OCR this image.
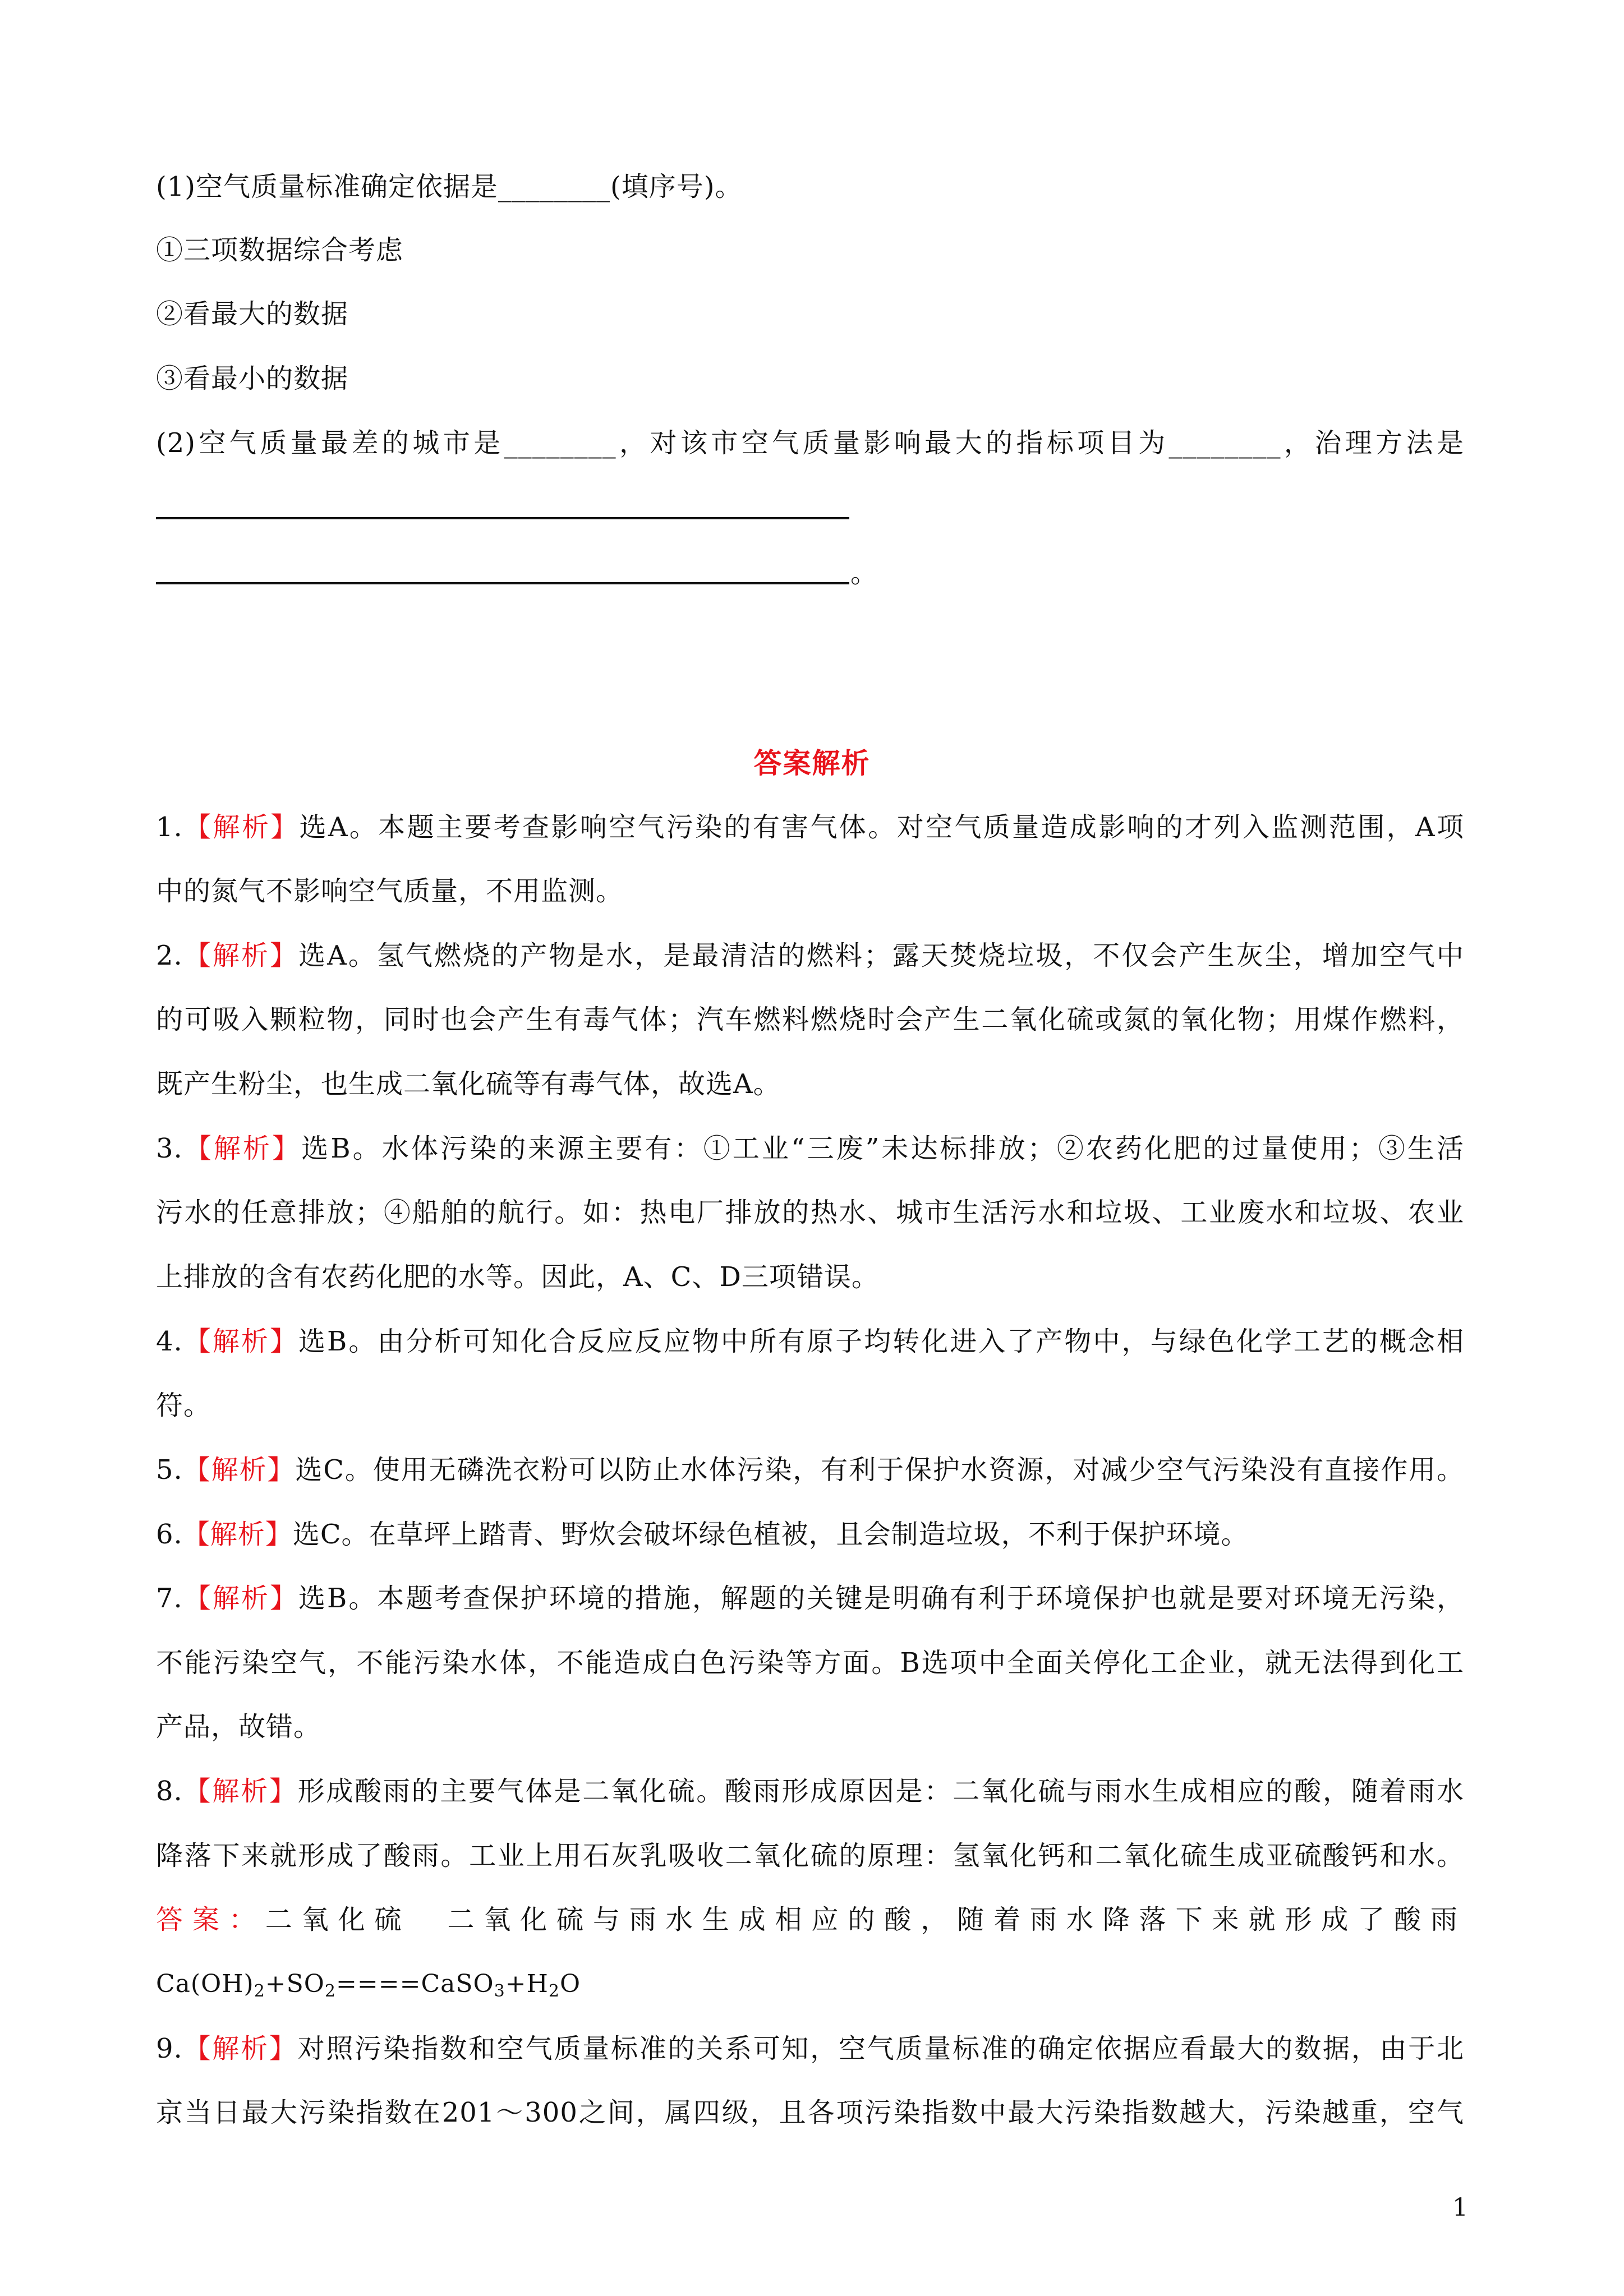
(1)空气质量标准确定依据是________(填序号)。
①三项数据综合考虑
②看最大的数据
③看最小的数据
(2)空气质量最差的城市是________，对该市空气质量影响最大的指标项目为________，治理方法是
。
答案解析
1.【解析】选A。本题主要考查影响空气污染的有害气体。对空气质量造成影响的才列入监测范围，A项
中的氮气不影响空气质量，不用监测。
2.【解析】选A。氢气燃烧的产物是水，是最清洁的燃料；露天焚烧垃圾，不仅会产生灰尘，增加空气中
的可吸入颗粒物，同时也会产生有毒气体；汽车燃料燃烧时会产生二氧化硫或氮的氧化物；用煤作燃料，
既产生粉尘，也生成二氧化硫等有毒气体，故选A。
3.【解析】选B。水体污染的来源主要有：①工业“三废”未达标排放；②农药化肥的过量使用；③生活
污水的任意排放；④船舶的航行。如：热电厂排放的热水、城市生活污水和垃圾、工业废水和垃圾、农业
上排放的含有农药化肥的水等。因此，A、C、D三项错误。
4.【解析】选B。由分析可知化合反应反应物中所有原子均转化进入了产物中，与绿色化学工艺的概念相
符。
5.【解析】选C。使用无磷洗衣粉可以防止水体污染，有利于保护水资源，对减少空气污染没有直接作用。
6.【解析】选C。在草坪上踏青、野炊会破坏绿色植被，且会制造垃圾，不利于保护环境。
7.【解析】选B。本题考查保护环境的措施，解题的关键是明确有利于环境保护也就是要对环境无污染，
不能污染空气，不能污染水体，不能造成白色污染等方面。B选项中全面关停化工企业，就无法得到化工
产品，故错。
8.【解析】形成酸雨的主要气体是二氧化硫。酸雨形成原因是：二氧化硫与雨水生成相应的酸，随着雨水
降落下来就形成了酸雨。工业上用石灰乳吸收二氧化硫的原理：氢氧化钙和二氧化硫生成亚硫酸钙和水。
答案：二氧化硫　二氧化硫与雨水生成相应的酸，随着雨水降落下来就形成了酸雨
$Ca(OH)_2+SO_2====CaSO_3+H_2O$
9.【解析】对照污染指数和空气质量标准的关系可知，空气质量标准的确定依据应看最大的数据，由于北
京当日最大污染指数在201～300之间，属四级，且各项污染指数中最大污染指数越大，污染越重，空气
1
